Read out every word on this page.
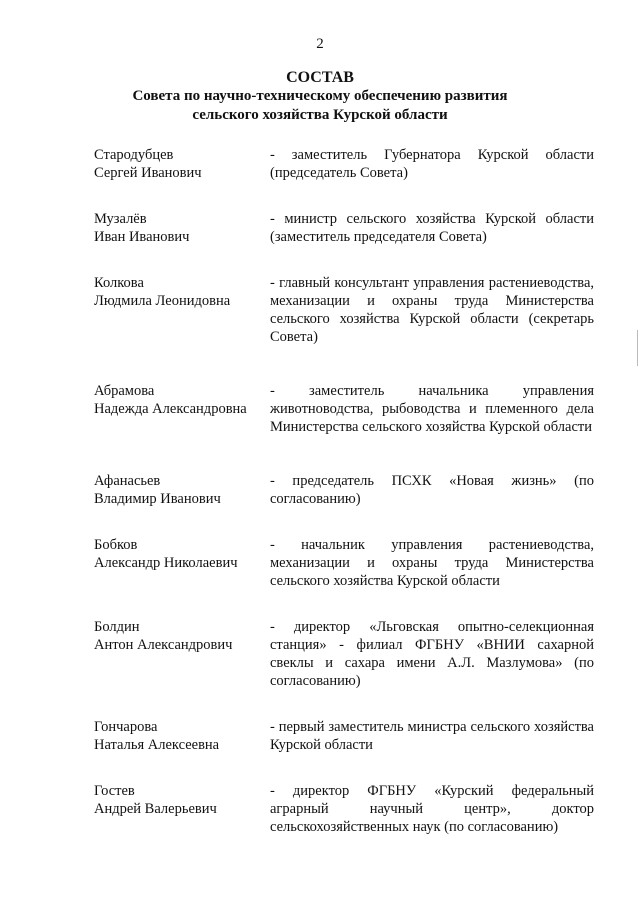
2
СОСТАВ
Совета по научно-техническому обеспечению развития
сельского хозяйства Курской области
Стародубцев
Сергей Иванович
- заместитель Губернатора Курской области (председатель Совета)
Музалёв
Иван Иванович
- министр сельского хозяйства Курской области (заместитель председателя Совета)
Колкова
Людмила Леонидовна
- главный консультант управления растениеводства, механизации и охраны труда Министерства сельского хозяйства Курской области (секретарь Совета)
Абрамова
Надежда Александровна
- заместитель начальника управления животноводства, рыбоводства и племенного дела Министерства сельского хозяйства Курской области
Афанасьев
Владимир Иванович
- председатель ПСХК «Новая жизнь» (по согласованию)
Бобков
Александр Николаевич
- начальник управления растениеводства, механизации и охраны труда Министерства сельского хозяйства Курской области
Болдин
Антон Александрович
- директор «Льговская опытно-селекционная станция» - филиал ФГБНУ «ВНИИ сахарной свеклы и сахара имени А.Л. Мазлумова» (по согласованию)
Гончарова
Наталья Алексеевна
- первый заместитель министра сельского хозяйства Курской области
Гостев
Андрей Валерьевич
- директор ФГБНУ «Курский федеральный аграрный научный центр», доктор сельскохозяйственных наук (по согласованию)
